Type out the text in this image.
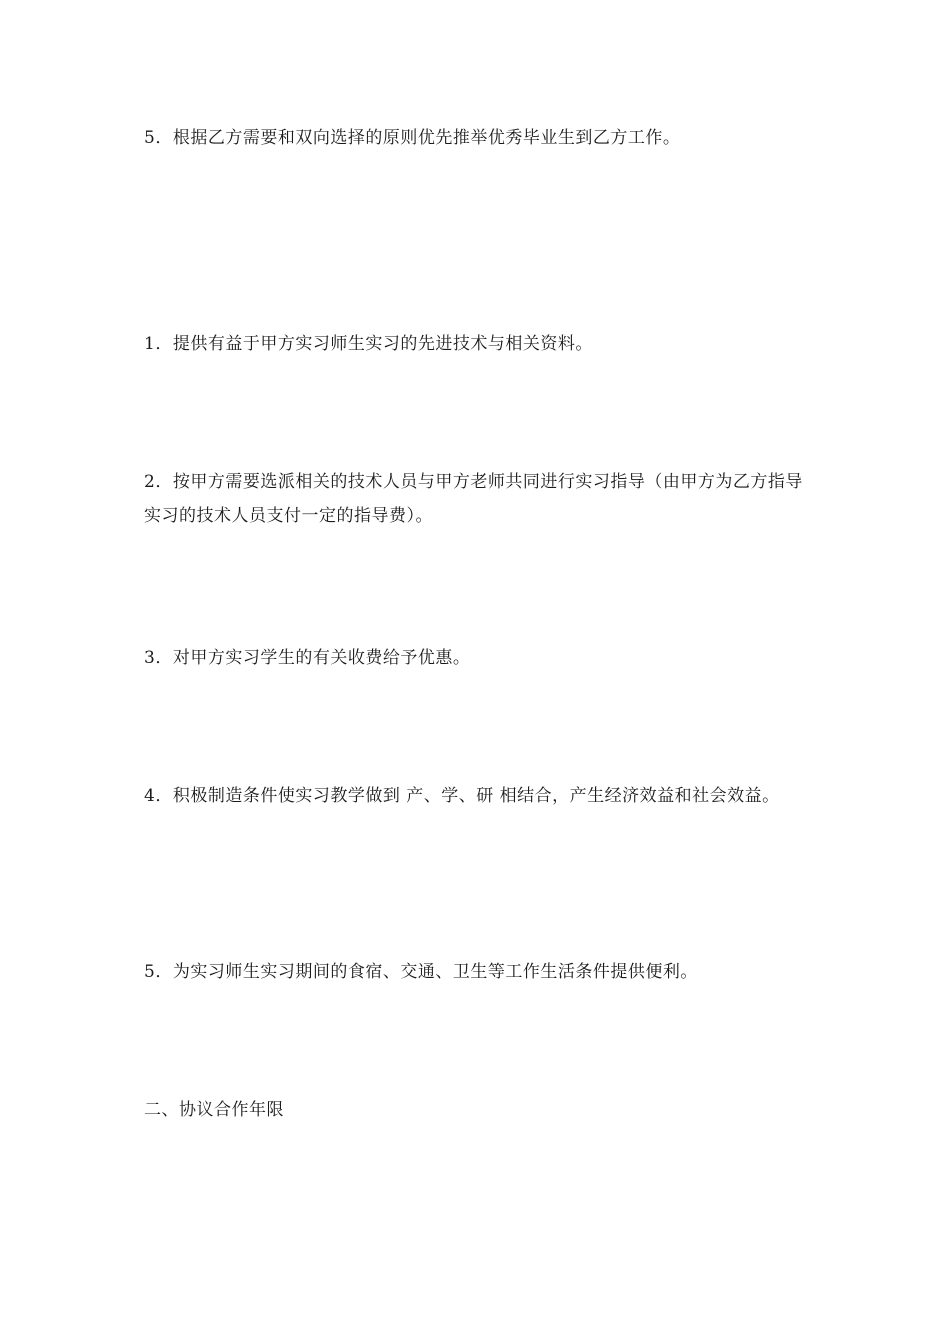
5．根据乙方需要和双向选择的原则优先推举优秀毕业生到乙方工作。

1．提供有益于甲方实习师生实习的先进技术与相关资料。

2．按甲方需要选派相关的技术人员与甲方老师共同进行实习指导（由甲方为乙方指导实习的技术人员支付一定的指导费）。

3．对甲方实习学生的有关收费给予优惠。

4．积极制造条件使实习教学做到 产、学、研 相结合，产生经济效益和社会效益。

5．为实习师生实习期间的食宿、交通、卫生等工作生活条件提供便利。

二、协议合作年限
